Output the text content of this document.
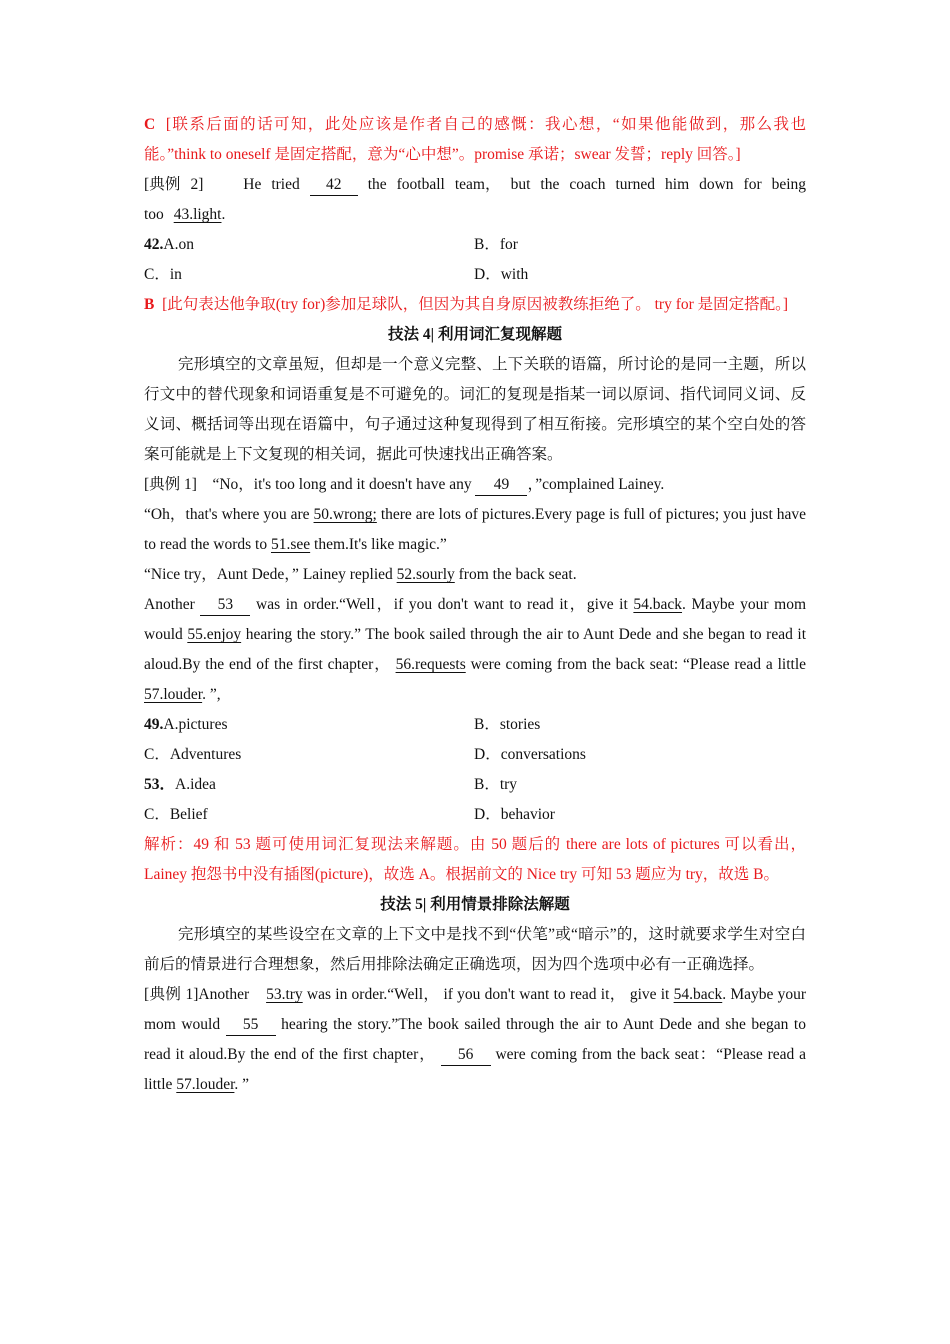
C [联系后面的话可知，此处应该是作者自己的感慨：我心想，“如果他能做到，那么我也能。”think to oneself 是固定搭配，意为“心中想”。promise 承诺；swear 发誓；reply 回答。]

[典例 2]	He tried 42 the football team， but the coach turned him down for being too 43.light.

42.A.on	B．for
C．in	D．with

B [此句表达他争取(try for)参加足球队，但因为其自身原因被教练拒绝了。 try for 是固定搭配。]

技法 4| 利用词汇复现解题

完形填空的文章虽短，但却是一个意义完整、上下关联的语篇，所讨论的是同一主题，所以行文中的替代现象和词语重复是不可避免的。词汇的复现是指某一词以原词、指代词同义词、反义词、概括词等出现在语篇中，句子通过这种复现得到了相互衔接。完形填空的某个空白处的答案可能就是上下文复现的相关词，据此可快速找出正确答案。

[典例 1] “No，it's too long and it doesn't have any 49 ，”complained Lainey.

“Oh，that's where you are 50.wrong; there are lots of pictures.Every page is full of pictures; you just have to read the words to 51.see them.It's like magic.”

“Nice try，Aunt Dede，” Lainey replied 52.sourly from the back seat.

Another 53 was in order.“Well，if you don't want to read it，give it 54.back. Maybe your mom would 55.enjoy hearing the story.” The book sailed through the air to Aunt Dede and she began to read it aloud.By the end of the first chapter， 56.requests were coming from the back seat: “Please read a little 57.louder. ”,

49.A.pictures	B．stories
C．Adventures	D．conversations
53．A.idea	B．try
C．Belief	D．behavior

解析：49 和 53 题可使用词汇复现法来解题。由 50 题后的 there are lots of pictures 可以看出，Lainey 抱怨书中没有插图(picture)，故选 A。根据前文的 Nice try 可知 53 题应为 try，故选 B。

技法 5| 利用情景排除法解题

完形填空的某些设空在文章的上下文中是找不到“伏笔”或“暗示”的，这时就要求学生对空白前后的情景进行合理想象，然后用排除法确定正确选项，因为四个选项中必有一正确选择。

[典例 1]Another 53.try was in order.“Well， if you don't want to read it， give it 54.back. Maybe your mom would 55 hearing the story.”The book sailed through the air to Aunt Dede and she began to read it aloud.By the end of the first chapter， 56 were coming from the back seat：“Please read a little 57.louder. ”
